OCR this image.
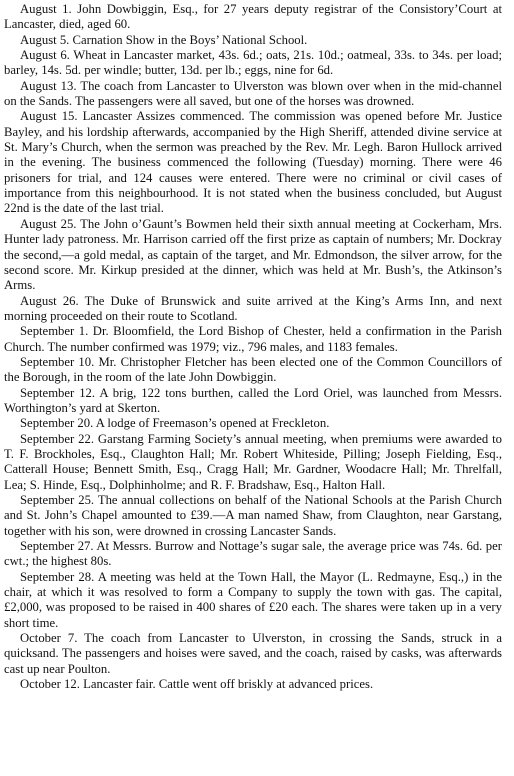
August 1. John Dowbiggin, Esq., for 27 years deputy registrar of the Consistory’Court at Lancaster, died, aged 60.

August 5. Carnation Show in the Boys’ National School.

August 6. Wheat in Lancaster market, 43s. 6d.; oats, 21s. 10d.; oatmeal, 33s. to 34s. per load; barley, 14s. 5d. per windle; butter, 13d. per lb.; eggs, nine for 6d.

August 13. The coach from Lancaster to Ulverston was blown over when in the mid-channel on the Sands. The passengers were all saved, but one of the horses was drowned.

August 15. Lancaster Assizes commenced. The commission was opened before Mr. Justice Bayley, and his lordship afterwards, accompanied by the High Sheriff, attended divine service at St. Mary’s Church, when the sermon was preached by the Rev. Mr. Legh. Baron Hullock arrived in the evening. The business commenced the following (Tuesday) morning. There were 46 prisoners for trial, and 124 causes were entered. There were no criminal or civil cases of importance from this neighbourhood. It is not stated when the business concluded, but August 22nd is the date of the last trial.

August 25. The John o’Gaunt’s Bowmen held their sixth annual meeting at Cockerham, Mrs. Hunter lady patroness. Mr. Harrison carried off the first prize as captain of numbers; Mr. Dockray the second,—a gold medal, as captain of the target, and Mr. Edmondson, the silver arrow, for the second score. Mr. Kirkup presided at the dinner, which was held at Mr. Bush’s, the Atkinson’s Arms.

August 26. The Duke of Brunswick and suite arrived at the King’s Arms Inn, and next morning proceeded on their route to Scotland.

September 1. Dr. Bloomfield, the Lord Bishop of Chester, held a confirmation in the Parish Church. The number confirmed was 1979; viz., 796 males, and 1183 females.

September 10. Mr. Christopher Fletcher has been elected one of the Common Councillors of the Borough, in the room of the late John Dowbiggin.

September 12. A brig, 122 tons burthen, called the Lord Oriel, was launched from Messrs. Worthington’s yard at Skerton.

September 20. A lodge of Freemason’s opened at Freckleton.

September 22. Garstang Farming Society’s annual meeting, when premiums were awarded to T. F. Brockholes, Esq., Claughton Hall; Mr. Robert Whiteside, Pilling; Joseph Fielding, Esq., Catterall House; Bennett Smith, Esq., Cragg Hall; Mr. Gardner, Woodacre Hall; Mr. Threlfall, Lea; S. Hinde, Esq., Dolphinholme; and R. F. Bradshaw, Esq., Halton Hall.

September 25. The annual collections on behalf of the National Schools at the Parish Church and St. John’s Chapel amounted to £39.—A man named Shaw, from Claughton, near Garstang, together with his son, were drowned in crossing Lancaster Sands.

September 27. At Messrs. Burrow and Nottage’s sugar sale, the average price was 74s. 6d. per cwt.; the highest 80s.

September 28. A meeting was held at the Town Hall, the Mayor (L. Redmayne, Esq.,) in the chair, at which it was resolved to form a Company to supply the town with gas. The capital, £2,000, was proposed to be raised in 400 shares of £20 each. The shares were taken up in a very short time.

October 7. The coach from Lancaster to Ulverston, in crossing the Sands, struck in a quicksand. The passengers and hoises were saved, and the coach, raised by casks, was afterwards cast up near Poulton.

October 12. Lancaster fair. Cattle went off briskly at advanced prices.
